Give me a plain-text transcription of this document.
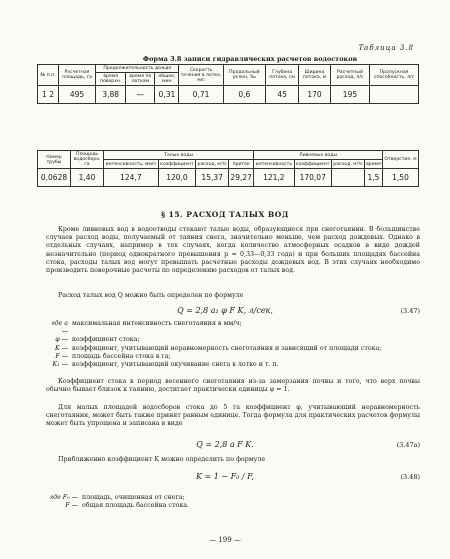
Таблица 3.8
Форма 3.8 записи гидравлических расчетов водостоков
№ п.п.	Расчетная площадь, га	Продолжительность дождя			Скорость течения в лотке, м/с	Продольный уклон, ‰	Глубина потока, см	Ширина потока, м	Расчетный расход, л/с	Пропускная способность, л/с
		время поверхн.	время по лоткам	общее, мин						
1 2	495	3,88	—	0,31	0,71	0,6	45	170	195	
Номер трубы	Площадь водосбора, га	Талые воды				Ливневые воды				Отверстие, м
		интенсивность, мм/ч	коэффициент	расход, м³/с	приток	интенсивность	коэффициент	расход, м³/с	время	
0,0628	1,40	124,7	120,0	15,37	29,27	121,2	170,07		1,5	1,50
§ 15. РАСХОД ТАЛЫХ ВОД
Кроме ливневых вод в водоотводы стекают талые воды, образующиеся при снеготаянии. В большинстве случаев расход воды, получаемый от таяния снега, значительно меньше, чем расход дождевых. Однако в отдельных случаях, например в тех случаях, когда количество атмосферных осадков в виде дождей незначительно (период однократного превышения p = 0,33—0,33 года) и при больших площадях бассейна стока, расходы талых вод могут превышать расчетные расходы дождевых вод. В этих случаях необходимо производить поверочные расчеты по определению расходов от талых вод.
Расход талых вод Q можно быть определен по формуле
Q = 2,8 a₁ φ F K, л/сек,	(3.47)
где a —
максимальная интенсивность снеготаяния в мм/ч;
φ — коэффициент стока;
K — коэффициент, учитывающий неравномерность снеготаяния и зависящий от площади стока;
F — площадь бассейна стока в га;
K₁ — коэффициент, учитывающий окучивание снега в лотке и т. п.
Коэффициент стока в период весеннего снеготаяния из-за замерзания почвы и того, что верх почвы обычно бывает близок к таянию, достигает практически единицы φ = 1.
Для малых площадей водосборов стока до 5 га коэффициент φ, учитывающий неравномерность снеготаяния, может быть также принят равным единице. Тогда формула для практических расчетов формулы может быть упрощена и записана в виде
Q = 2,8 a F K.	(3.47а)
Приближенно коэффициент K можно определить по формуле
K = 1 − F₀ / F,	(3.48)
где F₀ — площадь, очищенная от снега;
F — общая площадь бассейна стока.
— 199 —
